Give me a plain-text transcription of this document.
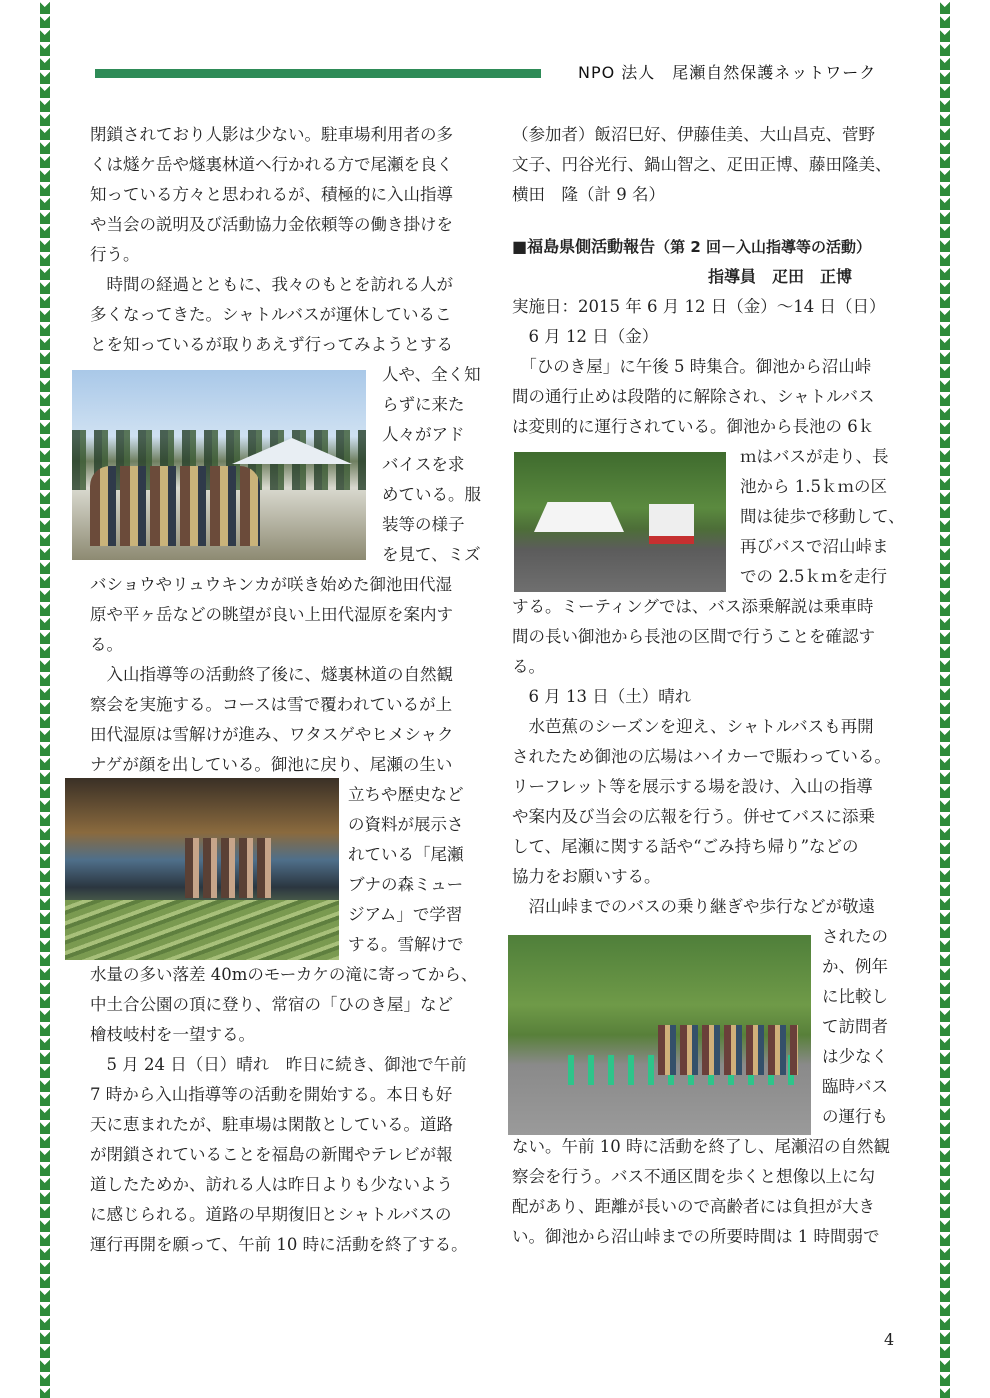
NPO 法人　尾瀬自然保護ネットワーク
閉鎖されており人影は少ない。駐車場利用者の多
くは燧ケ岳や燧裏林道へ行かれる方で尾瀬を良く
知っている方々と思われるが、積極的に入山指導
や当会の説明及び活動協力金依頼等の働き掛けを
行う。
　時間の経過とともに、我々のもとを訪れる人が
多くなってきた。シャトルバスが運休しているこ
とを知っているが取りあえず行ってみようとする
人や、全く知
らずに来た
人々がアド
バイスを求
めている。服
装等の様子
を見て、ミズ
バショウやリュウキンカが咲き始めた御池田代湿
原や平ヶ岳などの眺望が良い上田代湿原を案内す
る。
　入山指導等の活動終了後に、燧裏林道の自然観
察会を実施する。コースは雪で覆われているが上
田代湿原は雪解けが進み、ワタスゲやヒメシャク
ナゲが顔を出している。御池に戻り、尾瀬の生い
立ちや歴史など
の資料が展示さ
れている「尾瀬
ブナの森ミュー
ジアム」で学習
する。雪解けで
水量の多い落差 40mのモーカケの滝に寄ってから、
中土合公園の頂に登り、常宿の「ひのき屋」など
檜枝岐村を一望する。
　5 月 24 日（日）晴れ　昨日に続き、御池で午前
7 時から入山指導等の活動を開始する。本日も好
天に恵まれたが、駐車場は閑散としている。道路
が閉鎖されていることを福島の新聞やテレビが報
道したためか、訪れる人は昨日よりも少ないよう
に感じられる。道路の早期復旧とシャトルバスの
運行再開を願って、午前 10 時に活動を終了する。
（参加者）飯沼巳好、伊藤佳美、大山昌克、菅野
文子、円谷光行、鍋山智之、疋田正博、藤田隆美、
横田　隆（計 9 名）
■福島県側活動報告（第 2 回－入山指導等の活動）
指導員　疋田　正博
実施日：2015 年 6 月 12 日（金）～14 日（日）
　6 月 12 日（金）
　「ひのき屋」に午後 5 時集合。御池から沼山峠
間の通行止めは段階的に解除され、シャトルバス
は変則的に運行されている。御池から長池の 6ｋ
ｍはバスが走り、長
池から 1.5ｋｍの区
間は徒歩で移動して、
再びバスで沼山峠ま
での 2.5ｋｍを走行
する。ミーティングでは、バス添乗解説は乗車時
間の長い御池から長池の区間で行うことを確認す
る。
　6 月 13 日（土）晴れ
　水芭蕉のシーズンを迎え、シャトルバスも再開
されたため御池の広場はハイカーで賑わっている。
リーフレット等を展示する場を設け、入山の指導
や案内及び当会の広報を行う。併せてバスに添乗
して、尾瀬に関する話や“ごみ持ち帰り”などの
協力をお願いする。
　沼山峠までのバスの乗り継ぎや歩行などが敬遠
されたの
か、例年
に比較し
て訪問者
は少なく
臨時バス
の運行も
ない。午前 10 時に活動を終了し、尾瀬沼の自然観
察会を行う。バス不通区間を歩くと想像以上に勾
配があり、距離が長いので高齢者には負担が大き
い。御池から沼山峠までの所要時間は 1 時間弱で
4
